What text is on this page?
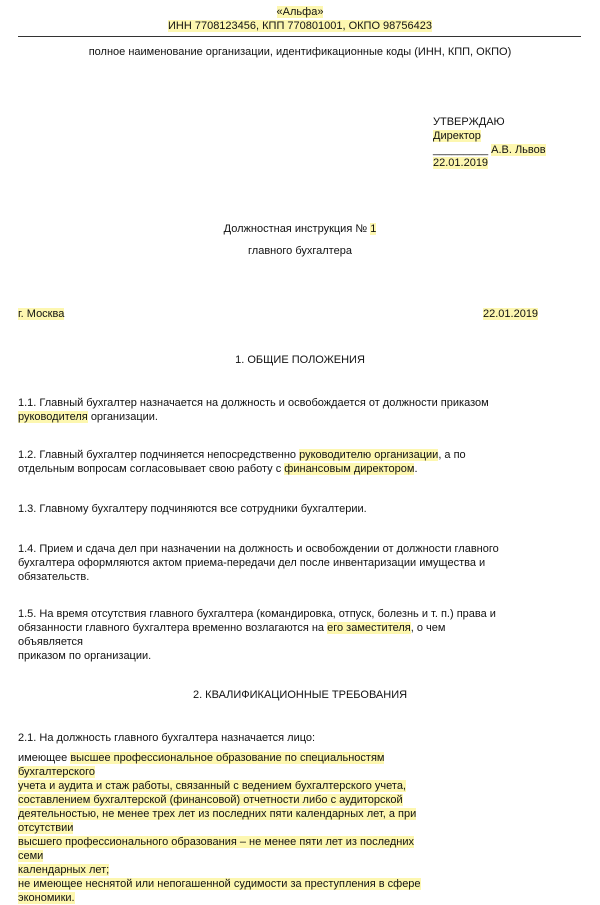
«Альфа»
ИНН 7708123456, КПП 770801001, ОКПО 98756423
полное наименование организации, идентификационные коды (ИНН, КПП, ОКПО)
УТВЕРЖДАЮ
Директор
_________ А.В. Львов
22.01.2019
Должностная инструкция № 1
главного бухгалтера
г. Москва	22.01.2019
1. ОБЩИЕ ПОЛОЖЕНИЯ
1.1. Главный бухгалтер назначается на должность и освобождается от должности приказом
руководителя организации.
1.2. Главный бухгалтер подчиняется непосредственно руководителю организации, а по
отдельным вопросам согласовывает свою работу с финансовым директором.
1.3. Главному бухгалтеру подчиняются все сотрудники бухгалтерии.
1.4. Прием и сдача дел при назначении на должность и освобождении от должности главного
бухгалтера оформляются актом приема-передачи дел после инвентаризации имущества и
обязательств.
1.5. На время отсутствия главного бухгалтера (командировка, отпуск, болезнь и т. п.) права и
обязанности главного бухгалтера временно возлагаются на его заместителя, о чем
объявляется
приказом по организации.
2. КВАЛИФИКАЦИОННЫЕ ТРЕБОВАНИЯ
2.1. На должность главного бухгалтера назначается лицо:
имеющее высшее профессиональное образование по специальностям
бухгалтерского
учета и аудита и стаж работы, связанный с ведением бухгалтерского учета,
составлением бухгалтерской (финансовой) отчетности либо с аудиторской
деятельностью, не менее трех лет из последних пяти календарных лет, а при
отсутствии
высшего профессионального образования – не менее пяти лет из последних
семи
календарных лет;
не имеющее неснятой или непогашенной судимости за преступления в сфере
экономики.
